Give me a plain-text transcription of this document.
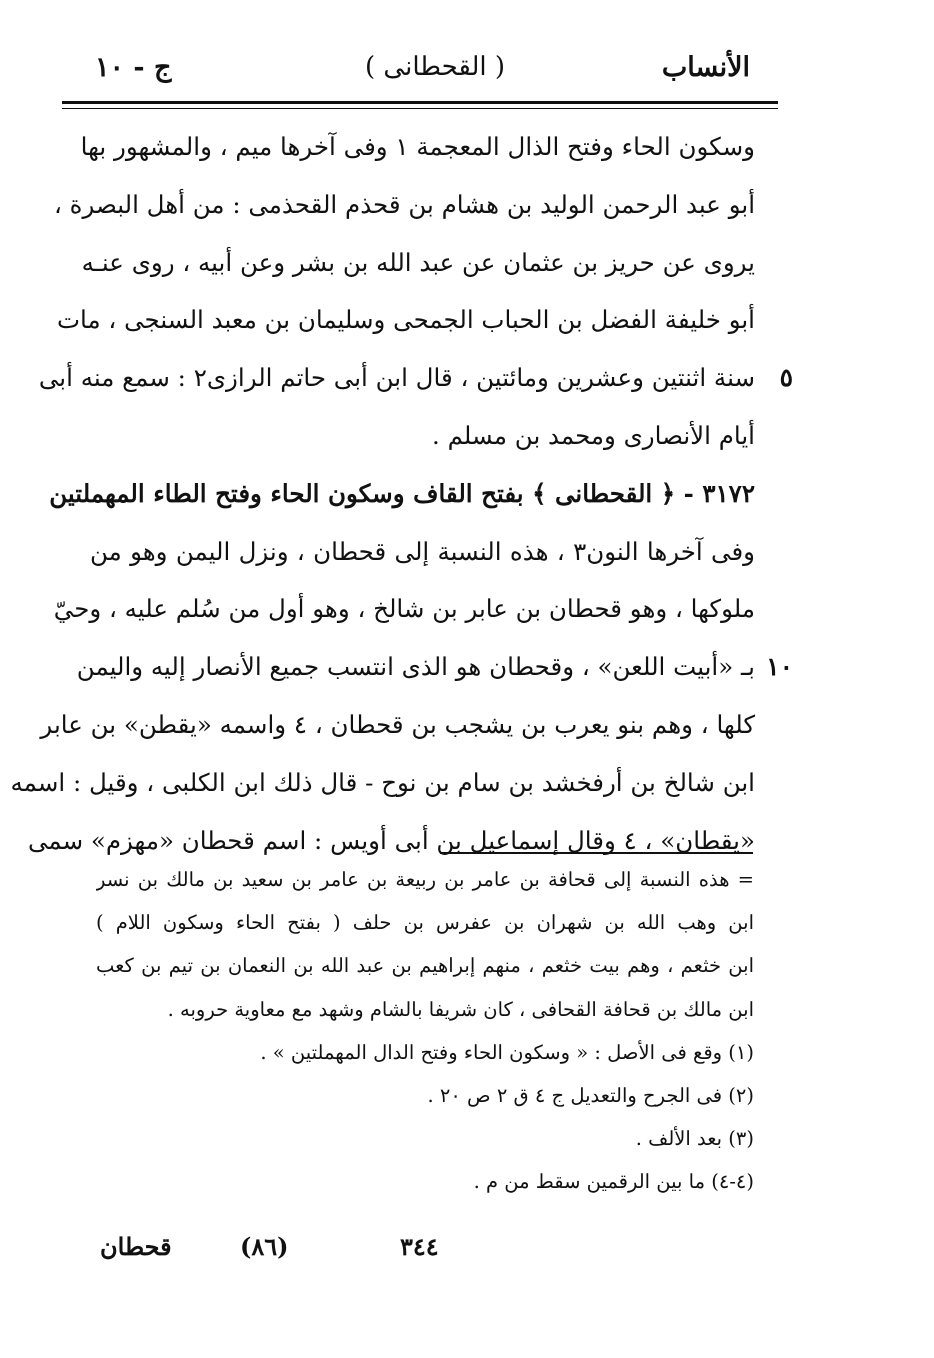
الأنساب
( القحطانى )
ج - ١٠
وسكون الحاء وفتح الذال المعجمة ١ وفى آخرها ميم ، والمشهور بها
أبو عبد الرحمن الوليد بن هشام بن قحذم القحذمى : من أهل البصرة ،
يروى عن حريز بن عثمان عن عبد الله بن بشر وعن أبيه ، روى عنـه
أبو خليفة الفضل بن الحباب الجمحى وسليمان بن معبد السنجى ، مات
سنة اثنتين وعشرين ومائتين ، قال ابن أبى حاتم الرازى٢ : سمع منه أبى ٥
أيام الأنصارى ومحمد بن مسلم .
٣١٧٢ - ﴿ القحطانى ﴾ بفتح القاف وسكون الحاء وفتح الطاء المهملتين
وفى آخرها النون٣ ، هذه النسبة إلى قحطان ، ونزل اليمن وهو من
ملوكها ، وهو قحطان بن عابر بن شالخ ، وهو أول من سُلم عليه ، وحيّ
بـ «أبيت اللعن» ، وقحطان هو الذى انتسب جميع الأنصار إليه واليمن ١٠
كلها ، وهم بنو يعرب بن يشجب بن قحطان ، ٤ واسمه «يقطن» بن عابر
ابن شالخ بن أرفخشد بن سام بن نوح - قال ذلك ابن الكلبى ، وقيل : اسمه
«يقطان» ، ٤ وقال إسماعيل بن أبى أويس : اسم قحطان «مهزم» سمى
= هذه النسبة إلى قحافة بن عامر بن ربيعة بن عامر بن سعيد بن مالك بن نسر
ابن وهب الله بن شهران بن عفرس بن حلف ( بفتح الحاء وسكون اللام )
ابن خثعم ، وهم بيت خثعم ، منهم إبراهيم بن عبد الله بن النعمان بن تيم بن كعب
ابن مالك بن قحافة القحافى ، كان شريفا بالشام وشهد مع معاوية حروبه .
(١) وقع فى الأصل : « وسكون الحاء وفتح الدال المهملتين » .
(٢) فى الجرح والتعديل ج ٤ ق ٢ ص ٢٠ .
(٣) بعد الألف .
(٤-٤) ما بين الرقمين سقط من م .
٣٤٤
(٨٦)
قحطان
